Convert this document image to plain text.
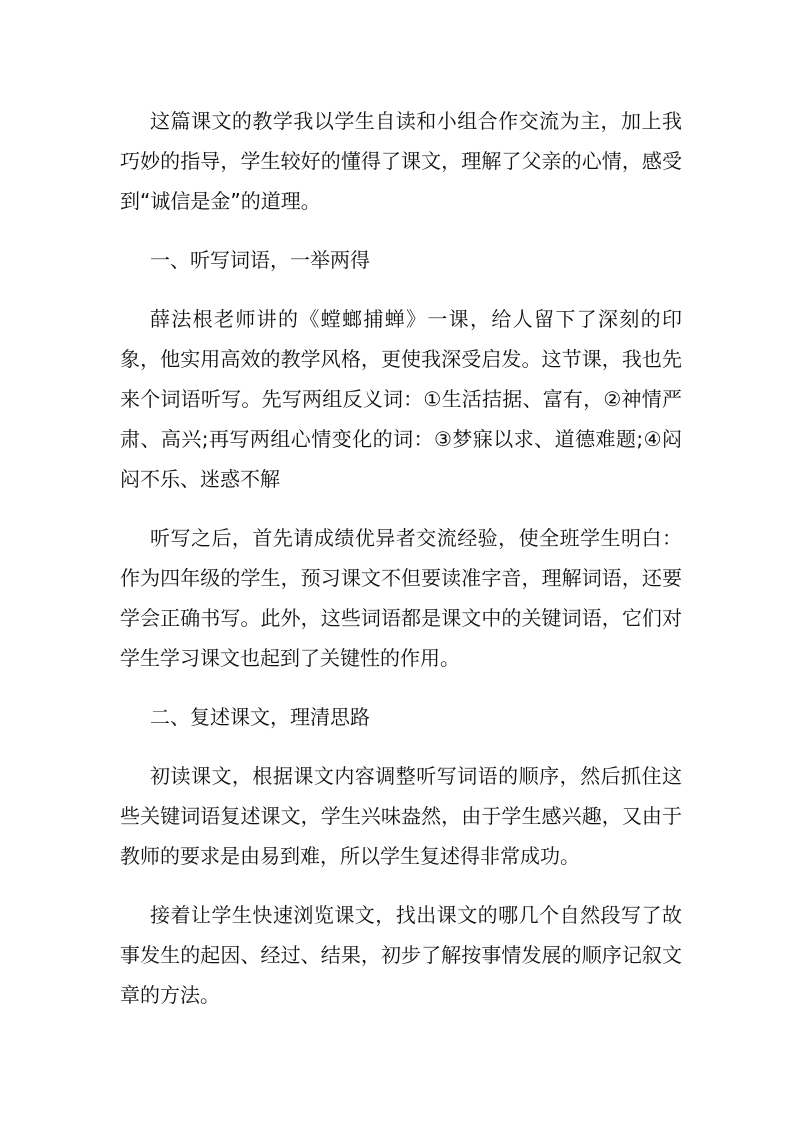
这篇课文的教学我以学生自读和小组合作交流为主，加上我巧妙的指导，学生较好的懂得了课文，理解了父亲的心情，感受到“诚信是金”的道理。

一、听写词语，一举两得

薛法根老师讲的《螳螂捕蝉》一课，给人留下了深刻的印象，他实用高效的教学风格，更使我深受启发。这节课，我也先来个词语听写。先写两组反义词：①生活拮据、富有，②神情严肃、高兴;再写两组心情变化的词：③梦寐以求、道德难题;④闷闷不乐、迷惑不解

听写之后，首先请成绩优异者交流经验，使全班学生明白：作为四年级的学生，预习课文不但要读准字音，理解词语，还要学会正确书写。此外，这些词语都是课文中的关键词语，它们对学生学习课文也起到了关键性的作用。

二、复述课文，理清思路

初读课文，根据课文内容调整听写词语的顺序，然后抓住这些关键词语复述课文，学生兴味盎然，由于学生感兴趣，又由于教师的要求是由易到难，所以学生复述得非常成功。

接着让学生快速浏览课文，找出课文的哪几个自然段写了故事发生的起因、经过、结果，初步了解按事情发展的顺序记叙文章的方法。
